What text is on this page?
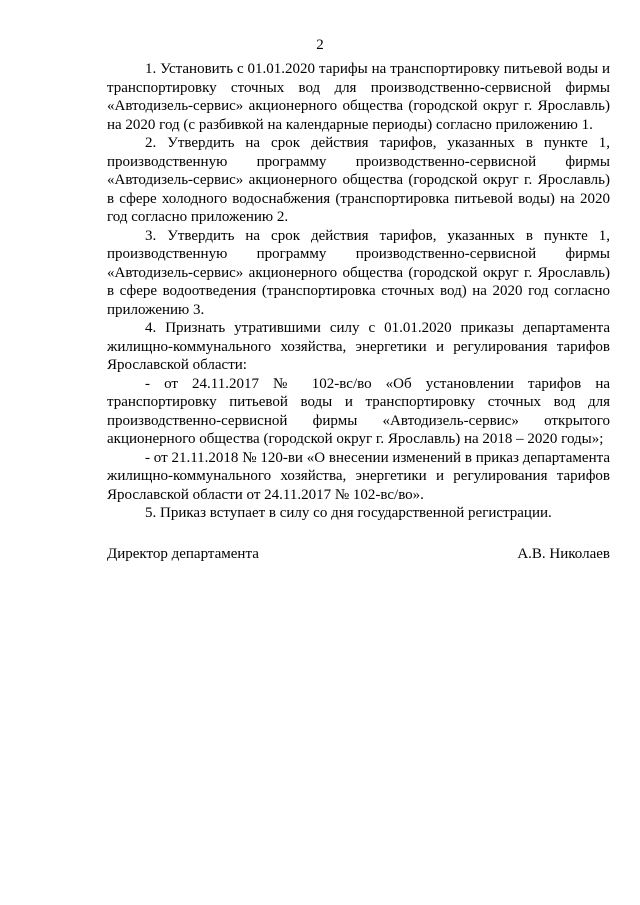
2

1. Установить с 01.01.2020 тарифы на транспортировку питьевой воды и транспортировку сточных вод для производственно-сервисной фирмы «Автодизель-сервис» акционерного общества (городской округ г. Ярославль) на 2020 год (с разбивкой на календарные периоды) согласно приложению 1.

2. Утвердить на срок действия тарифов, указанных в пункте 1, производственную программу производственно-сервисной фирмы «Автодизель-сервис» акционерного общества (городской округ г. Ярославль) в сфере холодного водоснабжения (транспортировка питьевой воды) на 2020 год согласно приложению 2.

3. Утвердить на срок действия тарифов, указанных в пункте 1, производственную программу производственно-сервисной фирмы «Автодизель-сервис» акционерного общества (городской округ г. Ярославль) в сфере водоотведения (транспортировка сточных вод) на 2020 год согласно приложению 3.

4. Признать утратившими силу с 01.01.2020 приказы департамента жилищно-коммунального хозяйства, энергетики и регулирования тарифов Ярославской области:

- от 24.11.2017 № 102-вс/во «Об установлении тарифов на транспортировку питьевой воды и транспортировку сточных вод для производственно-сервисной фирмы «Автодизель-сервис» открытого акционерного общества (городской округ г. Ярославль) на 2018 – 2020 годы»;

- от 21.11.2018 № 120-ви «О внесении изменений в приказ департамента жилищно-коммунального хозяйства, энергетики и регулирования тарифов Ярославской области от 24.11.2017 № 102-вс/во».

5. Приказ вступает в силу со дня государственной регистрации.

Директор департамента	А.В. Николаев
